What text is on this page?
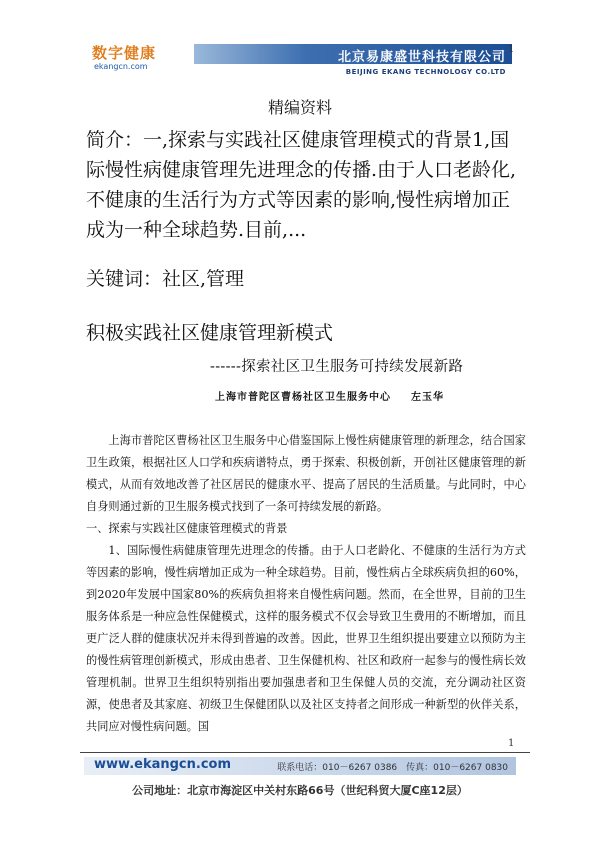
数字健康
ekangcn.com
北京易康盛世科技有限公司
BEIJING EKANG TECHNOLOGY CO.LTD
1
精编资料
简介：一,探索与实践社区健康管理模式的背景1,国际慢性病健康管理先进理念的传播.由于人口老龄化,不健康的生活行为方式等因素的影响,慢性病增加正成为一种全球趋势.目前,...
关键词：社区,管理
积极实践社区健康管理新模式
------探索社区卫生服务可持续发展新路
上海市普陀区曹杨社区卫生服务中心 左玉华

上海市普陀区曹杨社区卫生服务中心借鉴国际上慢性病健康管理的新理念，结合国家卫生政策，根据社区人口学和疾病谱特点，勇于探索、积极创新，开创社区健康管理的新模式，从而有效地改善了社区居民的健康水平、提高了居民的生活质量。与此同时，中心自身则通过新的卫生服务模式找到了一条可持续发展的新路。

一、探索与实践社区健康管理模式的背景

1、国际慢性病健康管理先进理念的传播。由于人口老龄化、不健康的生活行为方式等因素的影响，慢性病增加正成为一种全球趋势。目前，慢性病占全球疾病负担的60%，到2020年发展中国家80%的疾病负担将来自慢性病问题。然而，在全世界，目前的卫生服务体系是一种应急性保健模式，这样的服务模式不仅会导致卫生费用的不断增加，而且更广泛人群的健康状况并未得到普遍的改善。因此，世界卫生组织提出要建立以预防为主的慢性病管理创新模式，形成由患者、卫生保健机构、社区和政府一起参与的慢性病长效管理机制。世界卫生组织特别指出要加强患者和卫生保健人员的交流，充分调动社区资源，使患者及其家庭、初级卫生保健团队以及社区支持者之间形成一种新型的伙伴关系，共同应对慢性病问题。国

1
www.ekangcn.com	联系电话：010－6267 0386　传真：010－6267 0830
公司地址：北京市海淀区中关村东路66号（世纪科贸大厦C座12层）
